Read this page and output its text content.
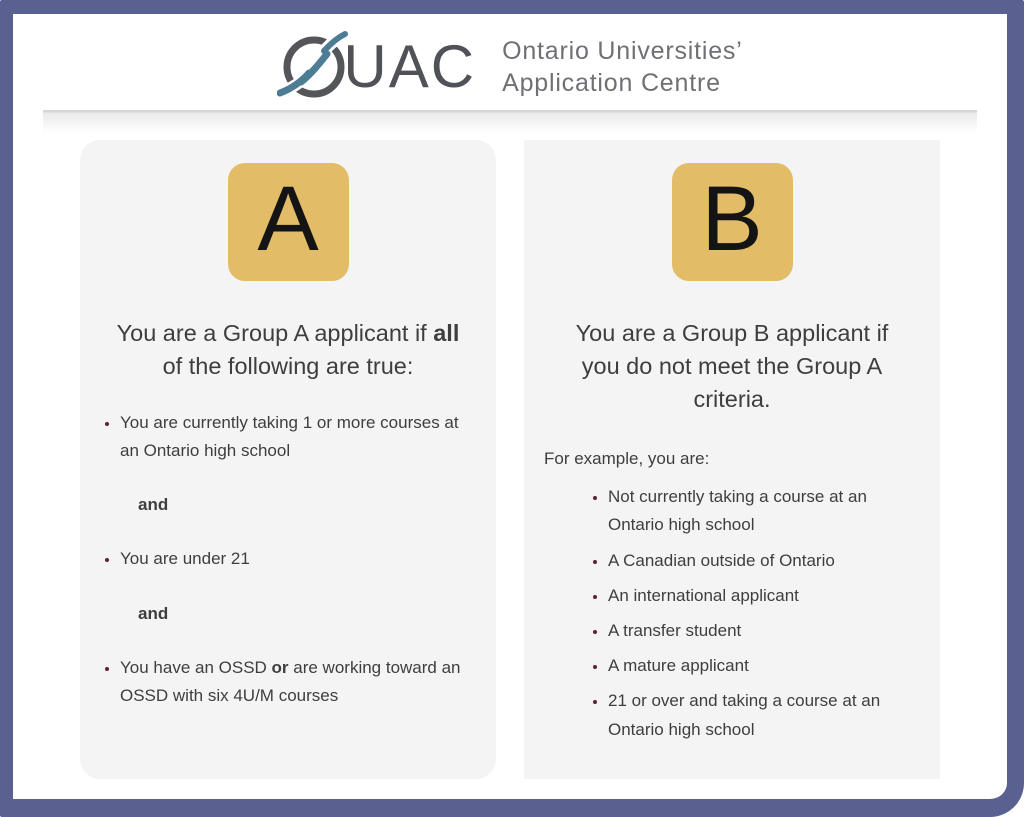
UAC Ontario Universities’
Application Centre
A
You are a Group A applicant if all of the following are true:
• You are currently taking 1 or more courses at an Ontario high school
and
• You are under 21
and
• You have an OSSD or are working toward an OSSD with six 4U/M courses
B
You are a Group B applicant if you do not meet the Group A criteria.

For example, you are:

• Not currently taking a course at an Ontario high school
• A Canadian outside of Ontario
• An international applicant
• A transfer student
• A mature applicant
• 21 or over and taking a course at an Ontario high school
